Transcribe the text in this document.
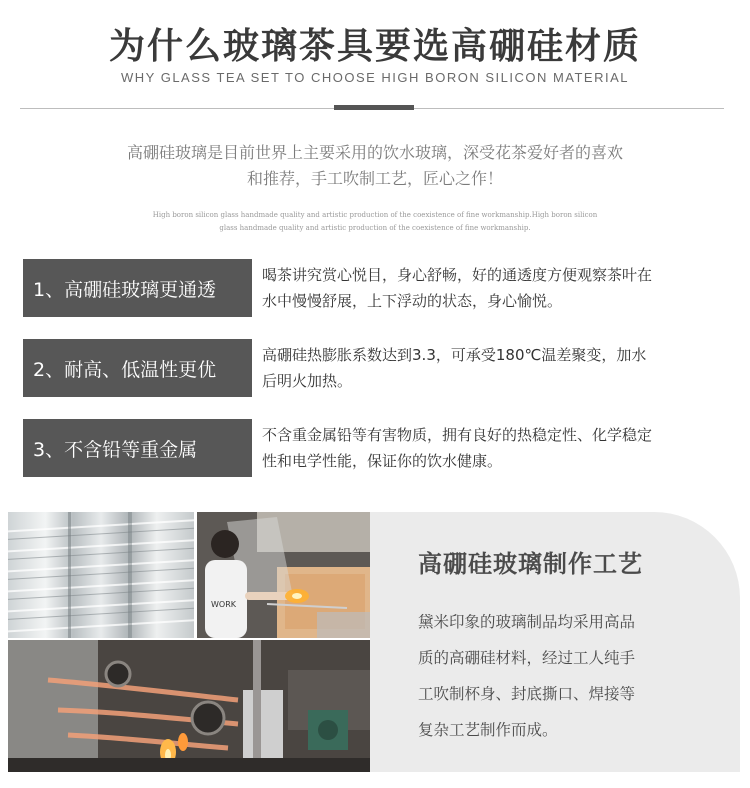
为什么玻璃茶具要选高硼硅材质
WHY GLASS TEA SET TO CHOOSE HIGH BORON SILICON MATERIAL
高硼硅玻璃是目前世界上主要采用的饮水玻璃，深受花茶爱好者的喜欢
和推荐，手工吹制工艺，匠心之作！
High boron silicon glass handmade quality and artistic production of the coexistence of fine workmanship.High boron silicon
glass handmade quality and artistic production of the coexistence of fine workmanship.
1、高硼硅玻璃更通透
喝茶讲究赏心悦目，身心舒畅，好的通透度方便观察茶叶在
水中慢慢舒展，上下浮动的状态，身心愉悦。
2、耐高、低温性更优
高硼硅热膨胀系数达到3.3，可承受180℃温差聚变，加水
后明火加热。
3、不含铅等重金属
不含重金属铅等有害物质，拥有良好的热稳定性、化学稳定
性和电学性能，保证你的饮水健康。
WORK
高硼硅玻璃制作工艺

黛米印象的玻璃制品均采用高品

质的高硼硅材料，经过工人纯手

工吹制杯身、封底撕口、焊接等

复杂工艺制作而成。
